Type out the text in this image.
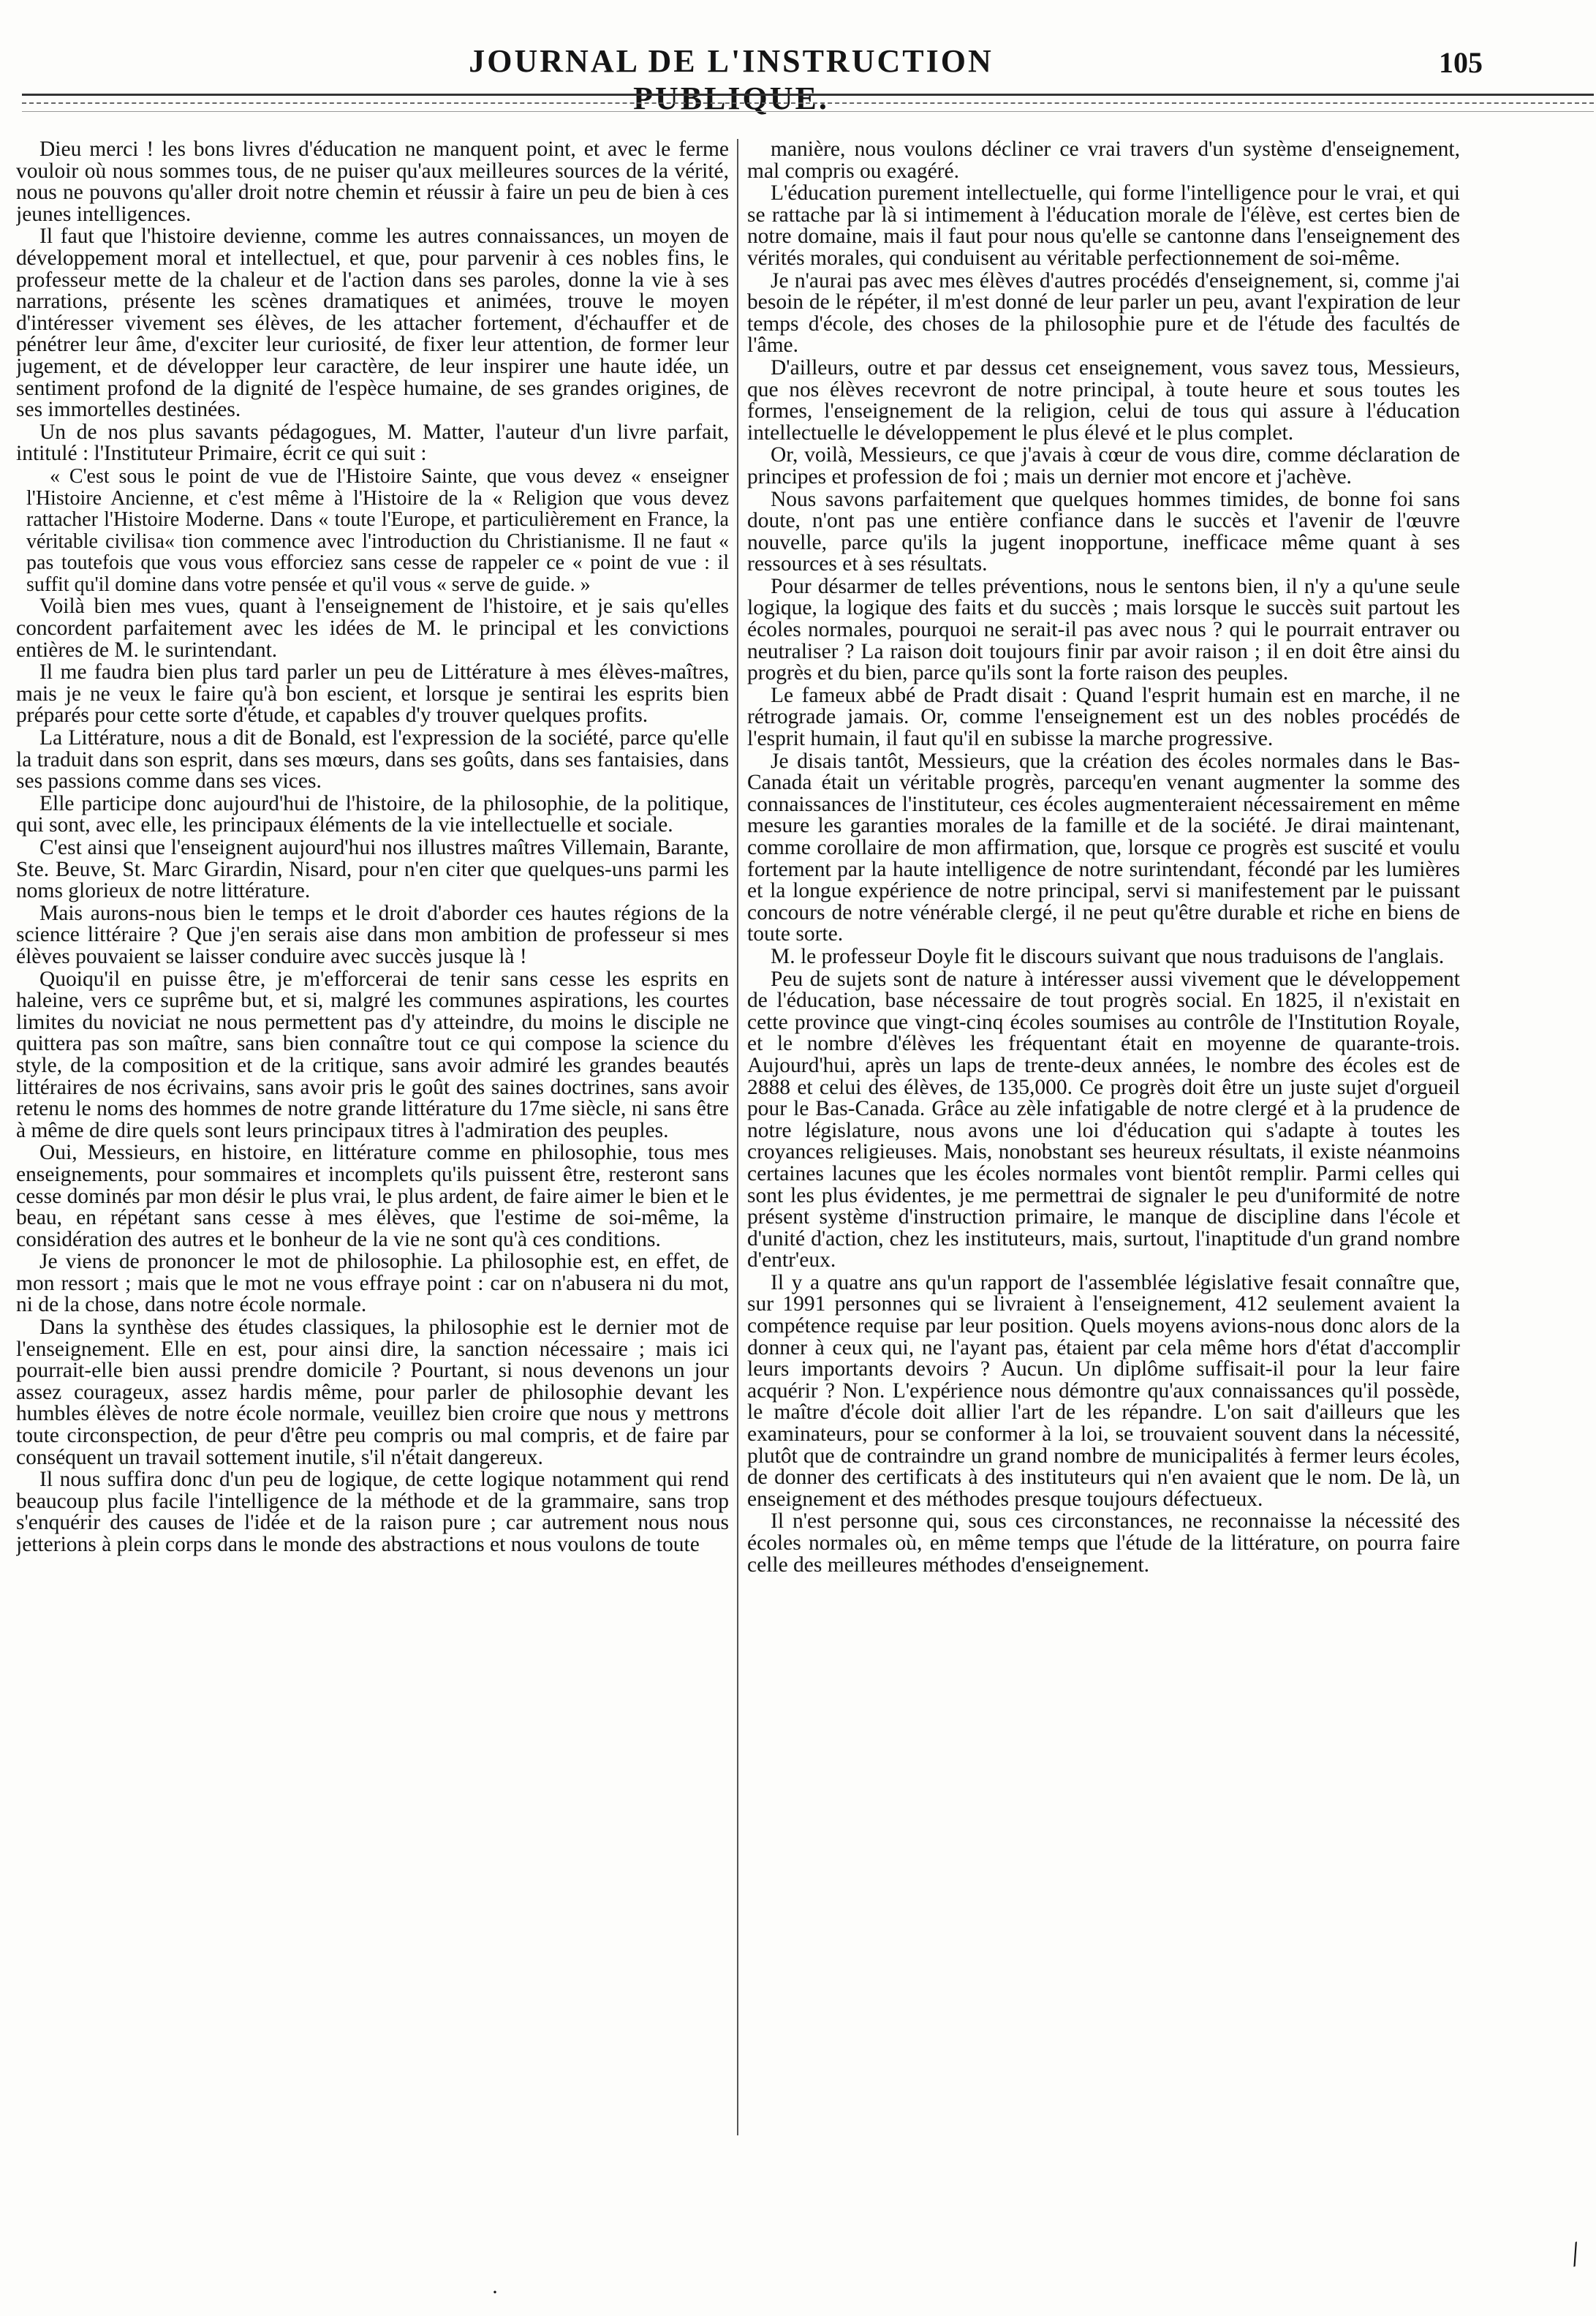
JOURNAL DE L'INSTRUCTION PUBLIQUE.
105

Dieu merci ! les bons livres d'éducation ne manquent point, et avec le ferme vouloir où nous sommes tous, de ne puiser qu'aux meilleures sources de la vérité, nous ne pouvons qu'aller droit notre chemin et réussir à faire un peu de bien à ces jeunes intelligences.

Il faut que l'histoire devienne, comme les autres connaissances, un moyen de développement moral et intellectuel, et que, pour parvenir à ces nobles fins, le professeur mette de la chaleur et de l'action dans ses paroles, donne la vie à ses narrations, présente les scènes dramatiques et animées, trouve le moyen d'intéresser vivement ses élèves, de les attacher fortement, d'échauffer et de pénétrer leur âme, d'exciter leur curiosité, de fixer leur attention, de former leur jugement, et de développer leur caractère, de leur inspirer une haute idée, un sentiment profond de la dignité de l'espèce humaine, de ses grandes origines, de ses immortelles destinées.

Un de nos plus savants pédagogues, M. Matter, l'auteur d'un livre parfait, intitulé : l'Instituteur Primaire, écrit ce qui suit :

« C'est sous le point de vue de l'Histoire Sainte, que vous devez « enseigner l'Histoire Ancienne, et c'est même à l'Histoire de la « Religion que vous devez rattacher l'Histoire Moderne. Dans « toute l'Europe, et particulièrement en France, la véritable civilisa« tion commence avec l'introduction du Christianisme. Il ne faut « pas toutefois que vous vous efforciez sans cesse de rappeler ce « point de vue : il suffit qu'il domine dans votre pensée et qu'il vous « serve de guide. »

Voilà bien mes vues, quant à l'enseignement de l'histoire, et je sais qu'elles concordent parfaitement avec les idées de M. le principal et les convictions entières de M. le surintendant.

Il me faudra bien plus tard parler un peu de Littérature à mes élèves-maîtres, mais je ne veux le faire qu'à bon escient, et lorsque je sentirai les esprits bien préparés pour cette sorte d'étude, et capables d'y trouver quelques profits.

La Littérature, nous a dit de Bonald, est l'expression de la société, parce qu'elle la traduit dans son esprit, dans ses mœurs, dans ses goûts, dans ses fantaisies, dans ses passions comme dans ses vices.

Elle participe donc aujourd'hui de l'histoire, de la philosophie, de la politique, qui sont, avec elle, les principaux éléments de la vie intellectuelle et sociale.

C'est ainsi que l'enseignent aujourd'hui nos illustres maîtres Villemain, Barante, Ste. Beuve, St. Marc Girardin, Nisard, pour n'en citer que quelques-uns parmi les noms glorieux de notre littérature.

Mais aurons-nous bien le temps et le droit d'aborder ces hautes régions de la science littéraire ? Que j'en serais aise dans mon ambition de professeur si mes élèves pouvaient se laisser conduire avec succès jusque là !

Quoiqu'il en puisse être, je m'efforcerai de tenir sans cesse les esprits en haleine, vers ce suprême but, et si, malgré les communes aspirations, les courtes limites du noviciat ne nous permettent pas d'y atteindre, du moins le disciple ne quittera pas son maître, sans bien connaître tout ce qui compose la science du style, de la composition et de la critique, sans avoir admiré les grandes beautés littéraires de nos écrivains, sans avoir pris le goût des saines doctrines, sans avoir retenu le noms des hommes de notre grande littérature du 17me siècle, ni sans être à même de dire quels sont leurs principaux titres à l'admiration des peuples.

Oui, Messieurs, en histoire, en littérature comme en philosophie, tous mes enseignements, pour sommaires et incomplets qu'ils puissent être, resteront sans cesse dominés par mon désir le plus vrai, le plus ardent, de faire aimer le bien et le beau, en répétant sans cesse à mes élèves, que l'estime de soi-même, la considération des autres et le bonheur de la vie ne sont qu'à ces conditions.

Je viens de prononcer le mot de philosophie. La philosophie est, en effet, de mon ressort ; mais que le mot ne vous effraye point : car on n'abusera ni du mot, ni de la chose, dans notre école normale.

Dans la synthèse des études classiques, la philosophie est le dernier mot de l'enseignement. Elle en est, pour ainsi dire, la sanction nécessaire ; mais ici pourrait-elle bien aussi prendre domicile ? Pourtant, si nous devenons un jour assez courageux, assez hardis même, pour parler de philosophie devant les humbles élèves de notre école normale, veuillez bien croire que nous y mettrons toute circonspection, de peur d'être peu compris ou mal compris, et de faire par conséquent un travail sottement inutile, s'il n'était dangereux.

Il nous suffira donc d'un peu de logique, de cette logique notamment qui rend beaucoup plus facile l'intelligence de la méthode et de la grammaire, sans trop s'enquérir des causes de l'idée et de la raison pure ; car autrement nous nous jetterions à plein corps dans le monde des abstractions et nous voulons de toute

manière, nous voulons décliner ce vrai travers d'un système d'enseignement, mal compris ou exagéré.

L'éducation purement intellectuelle, qui forme l'intelligence pour le vrai, et qui se rattache par là si intimement à l'éducation morale de l'élève, est certes bien de notre domaine, mais il faut pour nous qu'elle se cantonne dans l'enseignement des vérités morales, qui conduisent au véritable perfectionnement de soi-même.

Je n'aurai pas avec mes élèves d'autres procédés d'enseignement, si, comme j'ai besoin de le répéter, il m'est donné de leur parler un peu, avant l'expiration de leur temps d'école, des choses de la philosophie pure et de l'étude des facultés de l'âme.

D'ailleurs, outre et par dessus cet enseignement, vous savez tous, Messieurs, que nos élèves recevront de notre principal, à toute heure et sous toutes les formes, l'enseignement de la religion, celui de tous qui assure à l'éducation intellectuelle le développement le plus élevé et le plus complet.

Or, voilà, Messieurs, ce que j'avais à cœur de vous dire, comme déclaration de principes et profession de foi ; mais un dernier mot encore et j'achève.

Nous savons parfaitement que quelques hommes timides, de bonne foi sans doute, n'ont pas une entière confiance dans le succès et l'avenir de l'œuvre nouvelle, parce qu'ils la jugent inopportune, inefficace même quant à ses ressources et à ses résultats.

Pour désarmer de telles préventions, nous le sentons bien, il n'y a qu'une seule logique, la logique des faits et du succès ; mais lorsque le succès suit partout les écoles normales, pourquoi ne serait-il pas avec nous ? qui le pourrait entraver ou neutraliser ? La raison doit toujours finir par avoir raison ; il en doit être ainsi du progrès et du bien, parce qu'ils sont la forte raison des peuples.

Le fameux abbé de Pradt disait : Quand l'esprit humain est en marche, il ne rétrograde jamais. Or, comme l'enseignement est un des nobles procédés de l'esprit humain, il faut qu'il en subisse la marche progressive.

Je disais tantôt, Messieurs, que la création des écoles normales dans le Bas-Canada était un véritable progrès, parcequ'en venant augmenter la somme des connaissances de l'instituteur, ces écoles augmenteraient nécessairement en même mesure les garanties morales de la famille et de la société. Je dirai maintenant, comme corollaire de mon affirmation, que, lorsque ce progrès est suscité et voulu fortement par la haute intelligence de notre surintendant, fécondé par les lumières et la longue expérience de notre principal, servi si manifestement par le puissant concours de notre vénérable clergé, il ne peut qu'être durable et riche en biens de toute sorte.

M. le professeur Doyle fit le discours suivant que nous traduisons de l'anglais.

Peu de sujets sont de nature à intéresser aussi vivement que le développement de l'éducation, base nécessaire de tout progrès social. En 1825, il n'existait en cette province que vingt-cinq écoles soumises au contrôle de l'Institution Royale, et le nombre d'élèves les fréquentant était en moyenne de quarante-trois. Aujourd'hui, après un laps de trente-deux années, le nombre des écoles est de 2888 et celui des élèves, de 135,000. Ce progrès doit être un juste sujet d'orgueil pour le Bas-Canada. Grâce au zèle infatigable de notre clergé et à la prudence de notre législature, nous avons une loi d'éducation qui s'adapte à toutes les croyances religieuses. Mais, nonobstant ses heureux résultats, il existe néanmoins certaines lacunes que les écoles normales vont bientôt remplir. Parmi celles qui sont les plus évidentes, je me permettrai de signaler le peu d'uniformité de notre présent système d'instruction primaire, le manque de discipline dans l'école et d'unité d'action, chez les instituteurs, mais, surtout, l'inaptitude d'un grand nombre d'entr'eux.

Il y a quatre ans qu'un rapport de l'assemblée législative fesait connaître que, sur 1991 personnes qui se livraient à l'enseignement, 412 seulement avaient la compétence requise par leur position. Quels moyens avions-nous donc alors de la donner à ceux qui, ne l'ayant pas, étaient par cela même hors d'état d'accomplir leurs importants devoirs ? Aucun. Un diplôme suffisait-il pour la leur faire acquérir ? Non. L'expérience nous démontre qu'aux connaissances qu'il possède, le maître d'école doit allier l'art de les répandre. L'on sait d'ailleurs que les examinateurs, pour se conformer à la loi, se trouvaient souvent dans la nécessité, plutôt que de contraindre un grand nombre de municipalités à fermer leurs écoles, de donner des certificats à des instituteurs qui n'en avaient que le nom. De là, un enseignement et des méthodes presque toujours défectueux.

Il n'est personne qui, sous ces circonstances, ne reconnaisse la nécessité des écoles normales où, en même temps que l'étude de la littérature, on pourra faire celle des meilleures méthodes d'enseignement.

·
/
